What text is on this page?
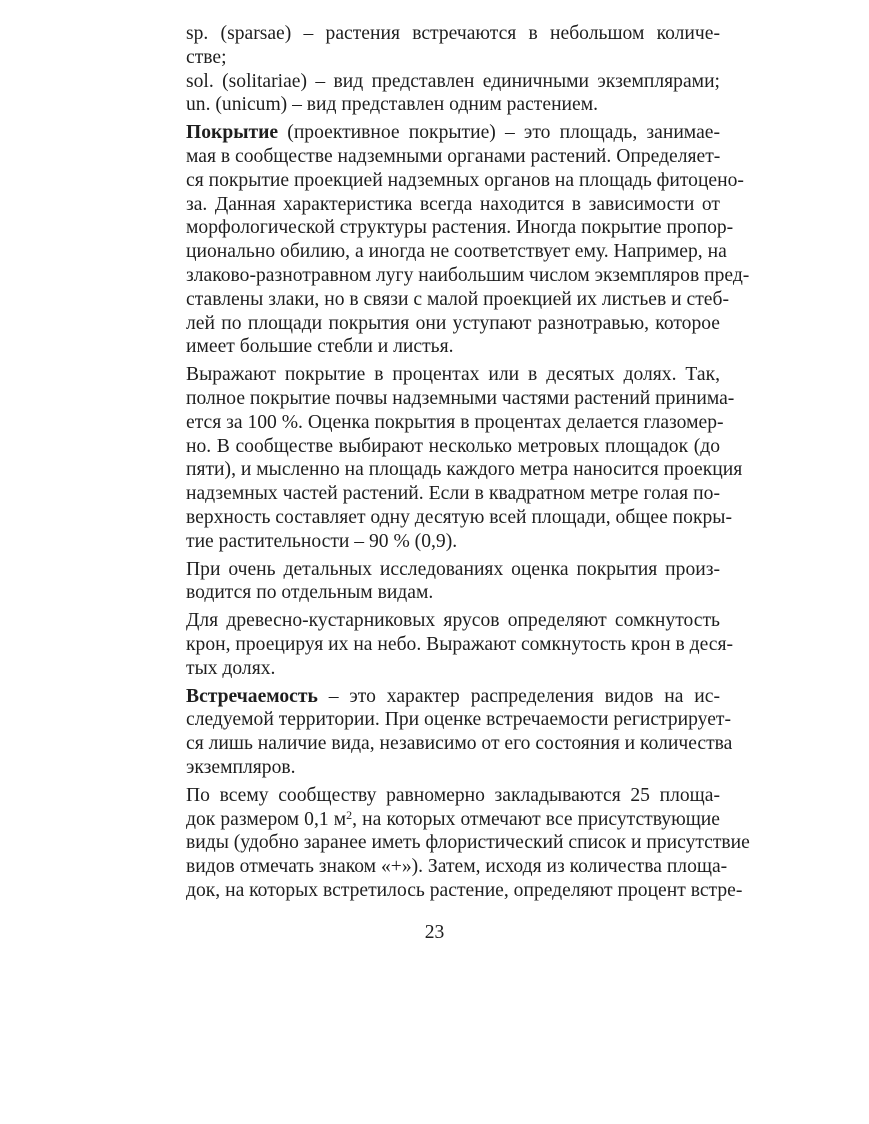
sp. (sparsae) – растения встречаются в небольшом количе-
стве;
sol. (solitariae) – вид представлен единичными экземплярами;
un. (unicum) – вид представлен одним растением.
Покрытие (проективное покрытие) – это площадь, занимае-
мая в сообществе надземными органами растений. Определяет-
ся покрытие проекцией надземных органов на площадь фитоцено-
за. Данная характеристика всегда находится в зависимости от
морфологической структуры растения. Иногда покрытие пропор-
ционально обилию, а иногда не соответствует ему. Например, на
злаково-разнотравном лугу наибольшим числом экземпляров пред-
ставлены злаки, но в связи с малой проекцией их листьев и стеб-
лей по площади покрытия они уступают разнотравью, которое
имеет большие стебли и листья.
Выражают покрытие в процентах или в десятых долях. Так,
полное покрытие почвы надземными частями растений принима-
ется за 100 %. Оценка покрытия в процентах делается глазомер-
но. В сообществе выбирают несколько метровых площадок (до
пяти), и мысленно на площадь каждого метра наносится проекция
надземных частей растений. Если в квадратном метре голая по-
верхность составляет одну десятую всей площади, общее покры-
тие растительности – 90 % (0,9).
При очень детальных исследованиях оценка покрытия произ-
водится по отдельным видам.
Для древесно-кустарниковых ярусов определяют сомкнутость
крон, проецируя их на небо. Выражают сомкнутость крон в деся-
тых долях.
Встречаемость – это характер распределения видов на ис-
следуемой территории. При оценке встречаемости регистрирует-
ся лишь наличие вида, независимо от его состояния и количества
экземпляров.
По всему сообществу равномерно закладываются 25 площа-
док размером 0,1 $м^2$, на которых отмечают все присутствующие
виды (удобно заранее иметь флористический список и присутствие
видов отмечать знаком «+»). Затем, исходя из количества площа-
док, на которых встретилось растение, определяют процент встре-
23
